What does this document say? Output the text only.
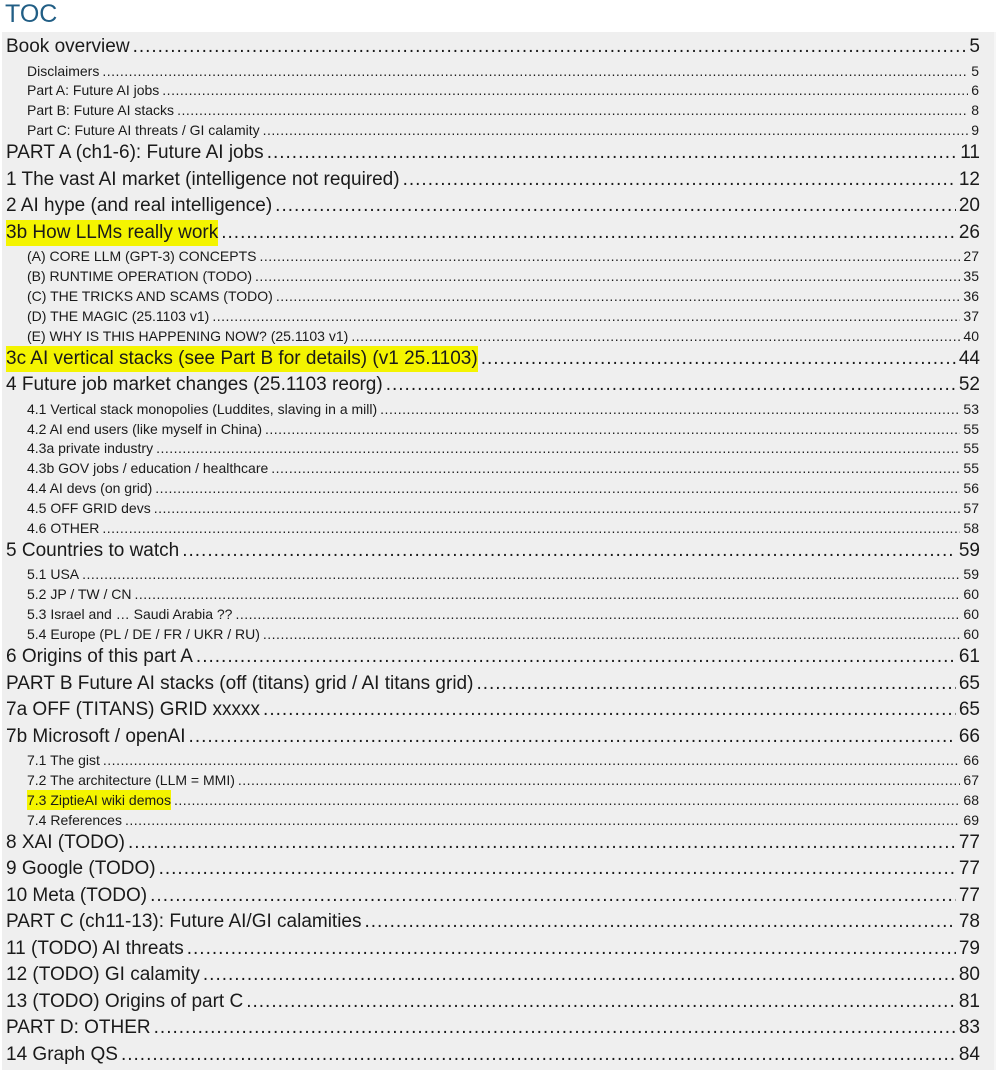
TOC
Book overview .....	5
Disclaimers .....	5
Part A: Future AI jobs .....	6
Part B: Future AI stacks .....	8
Part C: Future AI threats / GI calamity .....	9
PART A (ch1-6): Future AI jobs .....	11
1 The vast AI market (intelligence not required) .....	12
2 AI hype (and real intelligence) .....	20
3b How LLMs really work .....	26
(A) CORE LLM (GPT-3) CONCEPTS .....	27
(B) RUNTIME OPERATION (TODO) .....	35
(C) THE TRICKS AND SCAMS (TODO) .....	36
(D) THE MAGIC (25.1103 v1) .....	37
(E) WHY IS THIS HAPPENING NOW? (25.1103 v1) .....	40
3c AI vertical stacks (see Part B for details) (v1 25.1103) .....	44
4 Future job market changes (25.1103 reorg) .....	52
4.1 Vertical stack monopolies (Luddites, slaving in a mill) .....	53
4.2 AI end users (like myself in China) .....	55
4.3a private industry .....	55
4.3b GOV jobs / education / healthcare .....	55
4.4 AI devs (on grid) .....	56
4.5 OFF GRID devs .....	57
4.6 OTHER .....	58
5 Countries to watch .....	59
5.1 USA .....	59
5.2 JP / TW / CN .....	60
5.3 Israel and … Saudi Arabia ?? .....	60
5.4 Europe (PL / DE / FR / UKR / RU) .....	60
6 Origins of this part A .....	61
PART B Future AI stacks (off (titans) grid / AI titans grid) .....	65
7a OFF (TITANS) GRID xxxxx .....	65
7b Microsoft / openAI .....	66
7.1 The gist .....	66
7.2 The architecture (LLM = MMI) .....	67
7.3 ZiptieAI wiki demos .....	68
7.4 References .....	69
8 XAI (TODO) .....	77
9 Google (TODO) .....	77
10 Meta (TODO) .....	77
PART C (ch11-13): Future AI/GI calamities .....	78
11 (TODO) AI threats .....	79
12 (TODO) GI calamity .....	80
13 (TODO) Origins of part C .....	81
PART D: OTHER .....	83
14 Graph QS .....	84
